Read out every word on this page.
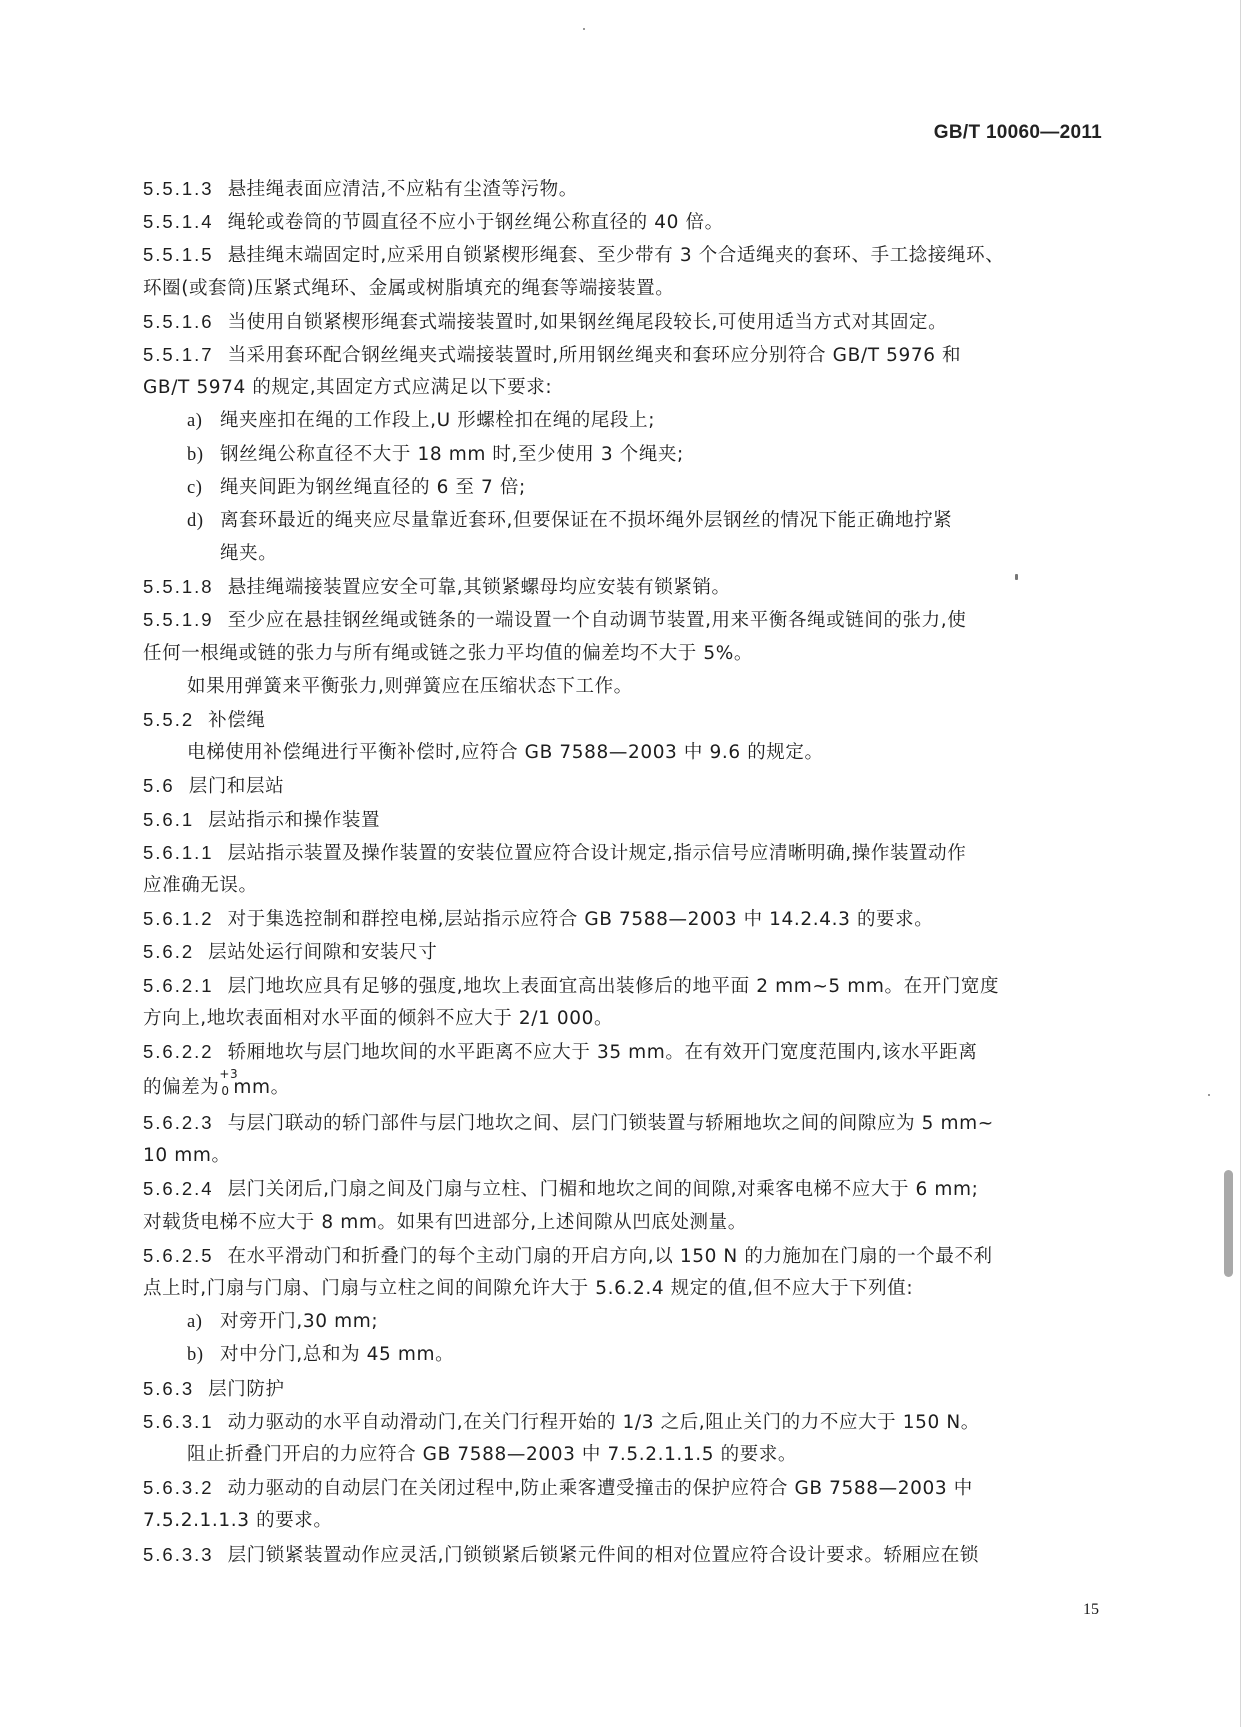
GB/T 10060—2011
5.5.1.3 悬挂绳表面应清洁,不应粘有尘渣等污物。
5.5.1.4 绳轮或卷筒的节圆直径不应小于钢丝绳公称直径的 40 倍。
5.5.1.5 悬挂绳末端固定时,应采用自锁紧楔形绳套、至少带有 3 个合适绳夹的套环、手工捻接绳环、
环圈(或套筒)压紧式绳环、金属或树脂填充的绳套等端接装置。
5.5.1.6 当使用自锁紧楔形绳套式端接装置时,如果钢丝绳尾段较长,可使用适当方式对其固定。
5.5.1.7 当采用套环配合钢丝绳夹式端接装置时,所用钢丝绳夹和套环应分别符合 GB/T 5976 和
GB/T 5974 的规定,其固定方式应满足以下要求:
a) 绳夹座扣在绳的工作段上,U 形螺栓扣在绳的尾段上;
b) 钢丝绳公称直径不大于 18 mm 时,至少使用 3 个绳夹;
c) 绳夹间距为钢丝绳直径的 6 至 7 倍;
d) 离套环最近的绳夹应尽量靠近套环,但要保证在不损坏绳外层钢丝的情况下能正确地拧紧
绳夹。
5.5.1.8 悬挂绳端接装置应安全可靠,其锁紧螺母均应安装有锁紧销。
5.5.1.9 至少应在悬挂钢丝绳或链条的一端设置一个自动调节装置,用来平衡各绳或链间的张力,使
任何一根绳或链的张力与所有绳或链之张力平均值的偏差均不大于 5%。
如果用弹簧来平衡张力,则弹簧应在压缩状态下工作。
5.5.2 补偿绳
电梯使用补偿绳进行平衡补偿时,应符合 GB 7588—2003 中 9.6 的规定。
5.6 层门和层站
5.6.1 层站指示和操作装置
5.6.1.1 层站指示装置及操作装置的安装位置应符合设计规定,指示信号应清晰明确,操作装置动作
应准确无误。
5.6.1.2 对于集选控制和群控电梯,层站指示应符合 GB 7588—2003 中 14.2.4.3 的要求。
5.6.2 层站处运行间隙和安装尺寸
5.6.2.1 层门地坎应具有足够的强度,地坎上表面宜高出装修后的地平面 2 mm~5 mm。在开门宽度
方向上,地坎表面相对水平面的倾斜不应大于 2/1 000。
5.6.2.2 轿厢地坎与层门地坎间的水平距离不应大于 35 mm。在有效开门宽度范围内,该水平距离
的偏差为
+3
0 mm。
5.6.2.3 与层门联动的轿门部件与层门地坎之间、层门门锁装置与轿厢地坎之间的间隙应为 5 mm~
10 mm。
5.6.2.4 层门关闭后,门扇之间及门扇与立柱、门楣和地坎之间的间隙,对乘客电梯不应大于 6 mm;
对载货电梯不应大于 8 mm。如果有凹进部分,上述间隙从凹底处测量。
5.6.2.5 在水平滑动门和折叠门的每个主动门扇的开启方向,以 150 N 的力施加在门扇的一个最不利
点上时,门扇与门扇、门扇与立柱之间的间隙允许大于 5.6.2.4 规定的值,但不应大于下列值:
a) 对旁开门,30 mm;
b) 对中分门,总和为 45 mm。
5.6.3 层门防护
5.6.3.1 动力驱动的水平自动滑动门,在关门行程开始的 1/3 之后,阻止关门的力不应大于 150 N。
阻止折叠门开启的力应符合 GB 7588—2003 中 7.5.2.1.1.5 的要求。
5.6.3.2 动力驱动的自动层门在关闭过程中,防止乘客遭受撞击的保护应符合 GB 7588—2003 中
7.5.2.1.1.3 的要求。
5.6.3.3 层门锁紧装置动作应灵活,门锁锁紧后锁紧元件间的相对位置应符合设计要求。轿厢应在锁
15
